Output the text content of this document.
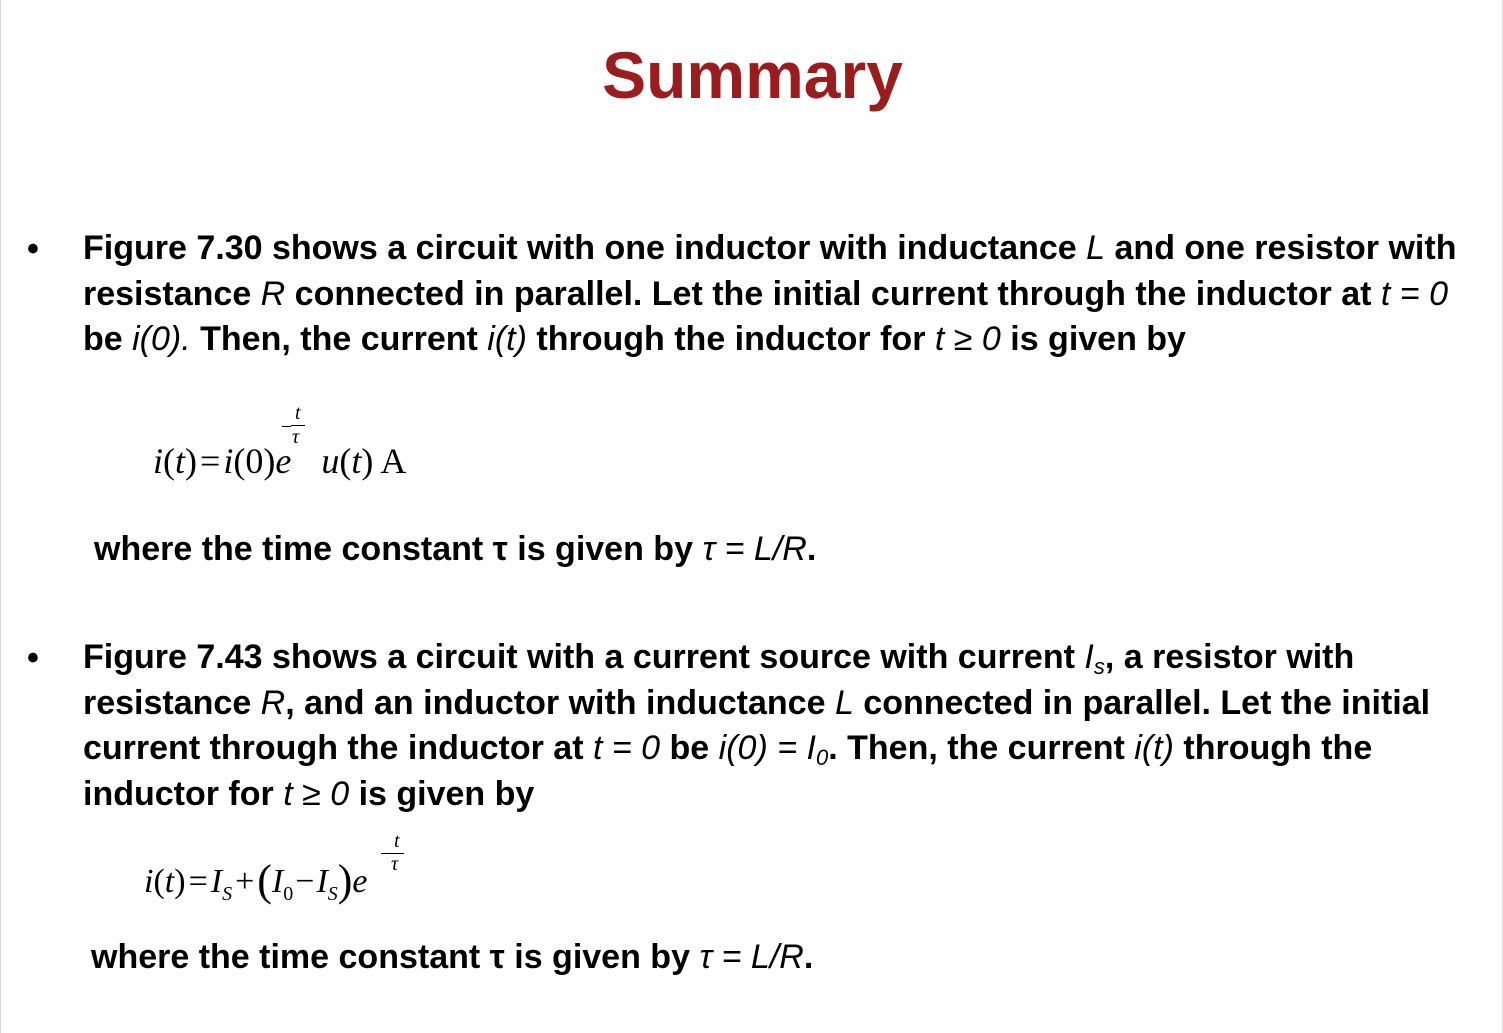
Summary
• Figure 7.30 shows a circuit with one inductor with inductance L and one resistor with resistance R connected in parallel. Let the initial current through the inductor at t = 0 be i(0). Then, the current i(t) through the inductor for t ≥ 0 is given by

i(t)=i(0)e u(t) A
t
− τ

where the time constant τ is given by τ = L/R.

• Figure 7.43 shows a circuit with a current source with current $I_s$, a resistor with resistance R, and an inductor with inductance L connected in parallel. Let the initial current through the inductor at t = 0 be $i(0) = I_0$. Then, the current i(t) through the inductor for t ≥ 0 is given by

$i(t)=I_S+(I_0-I_S)e$
t
− τ

where the time constant τ is given by τ = L/R.
